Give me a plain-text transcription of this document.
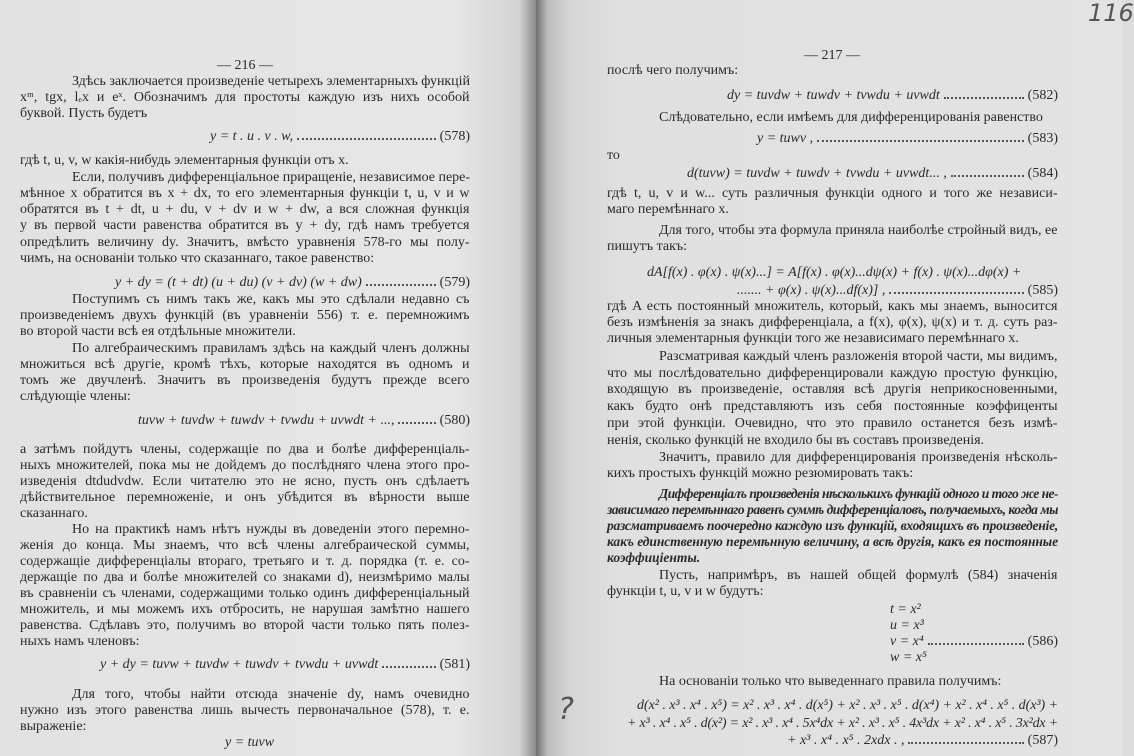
— 216 —
Здѣсь заключается произведеніе четырехъ элементарныхъ функцій
xᵐ, tgx, lₑx и eˣ. Обозначимъ для простоты каждую изъ нихъ особой
буквой. Пусть будетъ
y = t . u . v . w,	(578)
гдѣ t, u, v, w какія-нибудь элементарныя функціи отъ x.
Если, получивъ дифференціальное приращеніе, независимое пере-
мѣнное x обратится въ x + dx, то его элементарныя функціи t, u, v и w
обратятся въ t + dt, u + du, v + dv и w + dw, а вся сложная функція
y въ первой части равенства обратится въ y + dy, гдѣ намъ требуется
опредѣлить величину dy. Значитъ, вмѣсто уравненія 578-го мы полу-
чимъ, на основаніи только что сказаннаго, такое равенство:
y + dy = (t + dt) (u + du) (v + dv) (w + dw)	(579)
Поступимъ съ нимъ такъ же, какъ мы это сдѣлали недавно съ
произведеніемъ двухъ функцій (въ уравненіи 556) т. е. перемножимъ
во второй части всѣ ея отдѣльные множители.
По алгебраическимъ правиламъ здѣсь на каждый членъ должны
множиться всѣ другіе, кромѣ тѣхъ, которые находятся въ одномъ и
томъ же двучленѣ. Значитъ въ произведенія будутъ прежде всего
слѣдующіе члены:
tuvw + tuvdw + tuwdv + tvwdu + uvwdt + ...,	(580)
а затѣмъ пойдутъ члены, содержащіе по два и болѣе дифференціаль-
ныхъ множителей, пока мы не дойдемъ до послѣдняго члена этого про-
изведенія dtdudvdw. Если читателю это не ясно, пусть онъ сдѣлаетъ
дѣйствительное перемноженіе, и онъ убѣдится въ вѣрности выше
сказаннаго.
Но на практикѣ намъ нѣтъ нужды въ доведеніи этого перемно-
женія до конца. Мы знаемъ, что всѣ члены алгебраической суммы,
содержащіе дифференціалы втораго, третьяго и т. д. порядка (т. е. со-
держащіе по два и болѣе множителей со знаками d), неизмѣримо малы
въ сравненіи съ членами, содержащими только одинъ дифференціальный
множитель, и мы можемъ ихъ отбросить, не нарушая замѣтно нашего
равенства. Сдѣлавъ это, получимъ во второй части только пять полез-
ныхъ намъ членовъ:
y + dy = tuvw + tuvdw + tuwdv + tvwdu + uvwdt	(581)
Для того, чтобы найти отсюда значеніе dy, намъ очевидно
нужно изъ этого равенства лишь вычесть первоначальное (578), т. е.
выраженіе:
y = tuvw
— 217 —
116
?
послѣ чего получимъ:
dy = tuvdw + tuwdv + tvwdu + uvwdt	(582)
Слѣдовательно, если имѣемъ для дифференцированія равенство
y = tuwv ,	(583)
то
d(tuvw) = tuvdw + tuwdv + tvwdu + uvwdt... ,	(584)
гдѣ t, u, v и w... суть различныя функціи одного и того же независи-
маго перемѣннаго x.
Для того, чтобы эта формула приняла наиболѣе стройный видъ, ее
пишутъ такъ:
dA[f(x) . φ(x) . ψ(x)...] = A[f(x) . φ(x)...dψ(x) + f(x) . ψ(x)...dφ(x) +
....... + φ(x) . ψ(x)...df(x)] ,	(585)
гдѣ A есть постоянный множитель, который, какъ мы знаемъ, выносится
безъ измѣненія за знакъ дифференціала, а f(x), φ(x), ψ(x) и т. д. суть раз-
личныя элементарныя функціи того же независимаго перемѣннаго x.
Разсматривая каждый членъ разложенія второй части, мы видимъ,
что мы послѣдовательно дифференцировали каждую простую функцію,
входящую въ произведеніе, оставляя всѣ другія неприкосновенными,
какъ будто онѣ представляютъ изъ себя постоянные коэффиценты
при этой функціи. Очевидно, что это правило останется безъ измѣ-
ненія, сколько функцій не входило бы въ составъ произведенія.
Значитъ, правило для дифференцированія произведенія нѣсколь-
кихъ простыхъ функцій можно резюмировать такъ:
Дифференціалъ произведенія нѣсколькихъ функцій одного и того же не-
зависимаго перемѣннаго равенъ суммѣ дифференціаловъ, получаемыхъ, когда мы
разсматриваемъ поочередно каждую изъ функцій, входящихъ въ произведеніе,
какъ единственную перемѣнную величину, а всѣ другія, какъ ея постоянные
коэффиціенты.
Пусть, напримѣръ, въ нашей общей формулѣ (584) значенія
функціи t, u, v и w будутъ:
t = x²
u = x³
v = x⁴	(586)
w = x⁵
На основаніи только что выведеннаго правила получимъ:
d(x² . x³ . x⁴ . x⁵) = x² . x³ . x⁴ . d(x⁵) + x² . x³ . x⁵ . d(x⁴) + x² . x⁴ . x⁵ . d(x³) +
+ x³ . x⁴ . x⁵ . d(x²) = x² . x³ . x⁴ . 5x⁴dx + x² . x³ . x⁵ . 4x³dx + x² . x⁴ . x⁵ . 3x²dx +
+ x³ . x⁴ . x⁵ . 2xdx . ,	(587)
